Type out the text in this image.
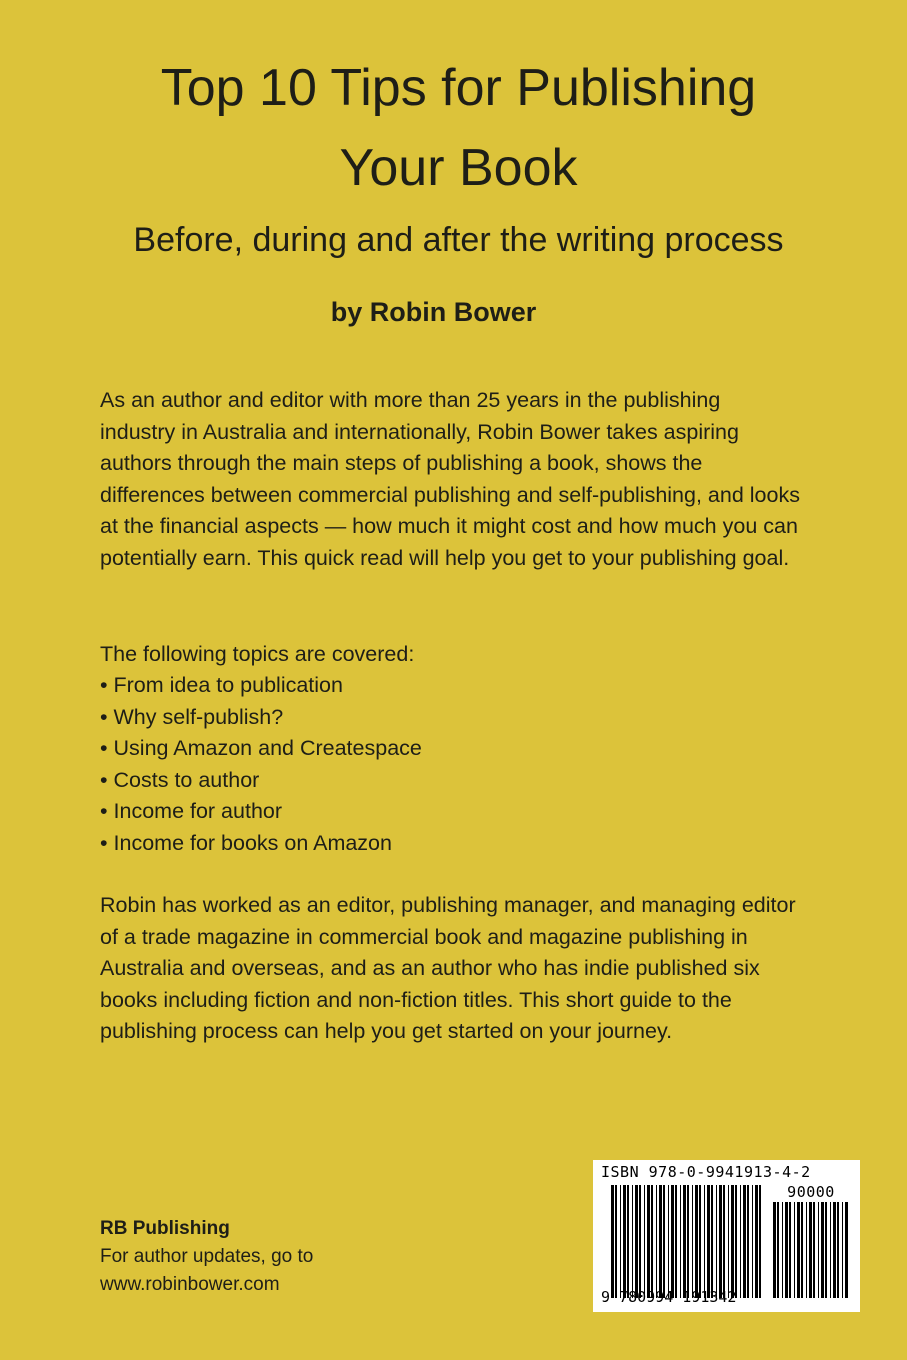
Top 10 Tips for Publishing
Your Book

Before, during and after the writing process

by Robin Bower

As an author and editor with more than 25 years in the publishing industry in Australia and internationally, Robin Bower takes aspiring authors through the main steps of publishing a book, shows the differences between commercial publishing and self-publishing, and looks at the financial aspects — how much it might cost and how much you can potentially earn. This quick read will help you get to your publishing goal.

The following topics are covered:

• From idea to publication
• Why self-publish?
• Using Amazon and Createspace
• Costs to author
• Income for author
• Income for books on Amazon

Robin has worked as an editor, publishing manager, and managing editor of a trade magazine in commercial book and magazine publishing in Australia and overseas, and as an author who has indie published six books including fiction and non-fiction titles. This short guide to the publishing process can help you get started on your journey.

RB Publishing
For author updates, go to
www.robinbower.com
ISBN 978-0-9941913-4-2
90000
9 780994 191342
